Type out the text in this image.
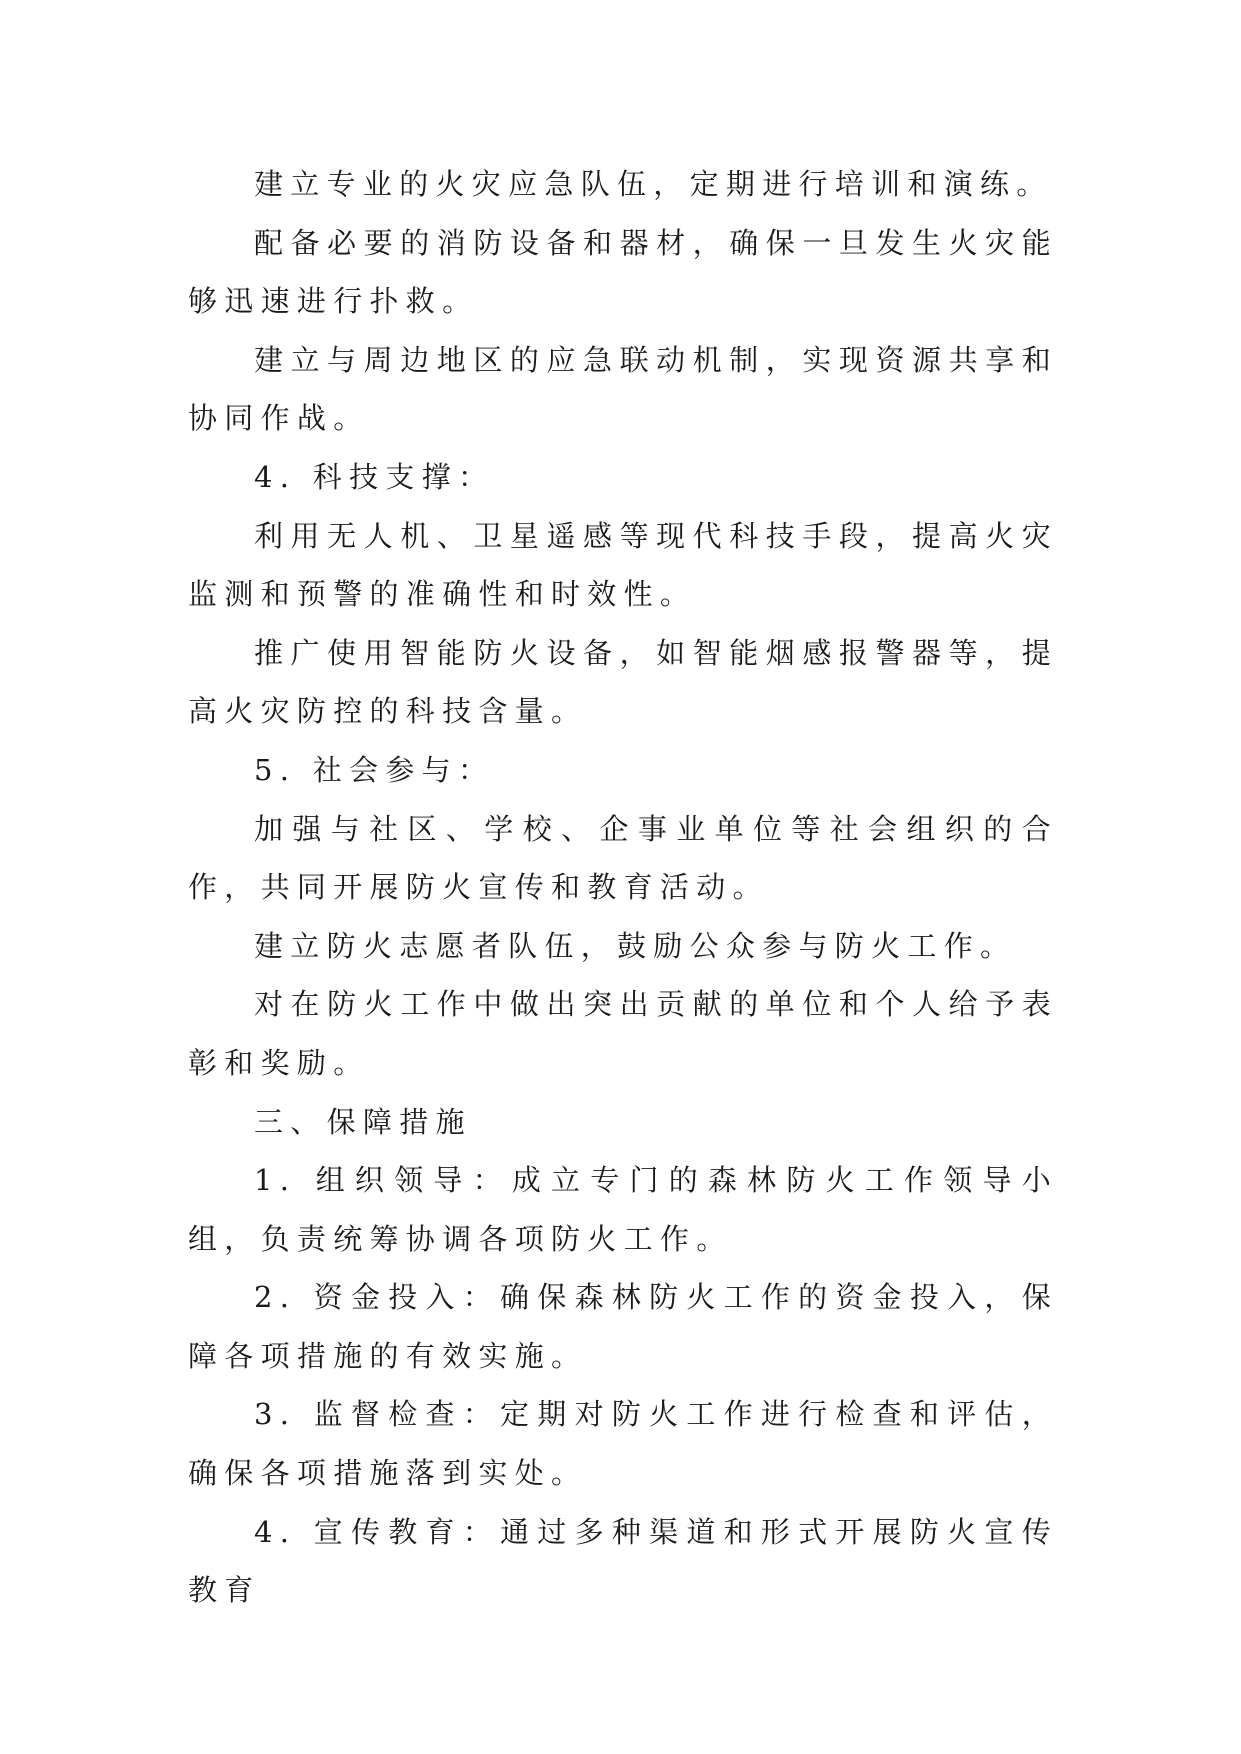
建立专业的火灾应急队伍，定期进行培训和演练。

配备必要的消防设备和器材，确保一旦发生火灾能够迅速进行扑救。

建立与周边地区的应急联动机制，实现资源共享和协同作战。

4. 科技支撑：

利用无人机、卫星遥感等现代科技手段，提高火灾监测和预警的准确性和时效性。

推广使用智能防火设备，如智能烟感报警器等，提高火灾防控的科技含量。

5. 社会参与：

加强与社区、学校、企事业单位等社会组织的合作，共同开展防火宣传和教育活动。

建立防火志愿者队伍，鼓励公众参与防火工作。

对在防火工作中做出突出贡献的单位和个人给予表彰和奖励。

三、保障措施

1. 组织领导：成立专门的森林防火工作领导小组，负责统筹协调各项防火工作。

2. 资金投入：确保森林防火工作的资金投入，保障各项措施的有效实施。

3. 监督检查：定期对防火工作进行检查和评估，确保各项措施落到实处。

4. 宣传教育：通过多种渠道和形式开展防火宣传教育
